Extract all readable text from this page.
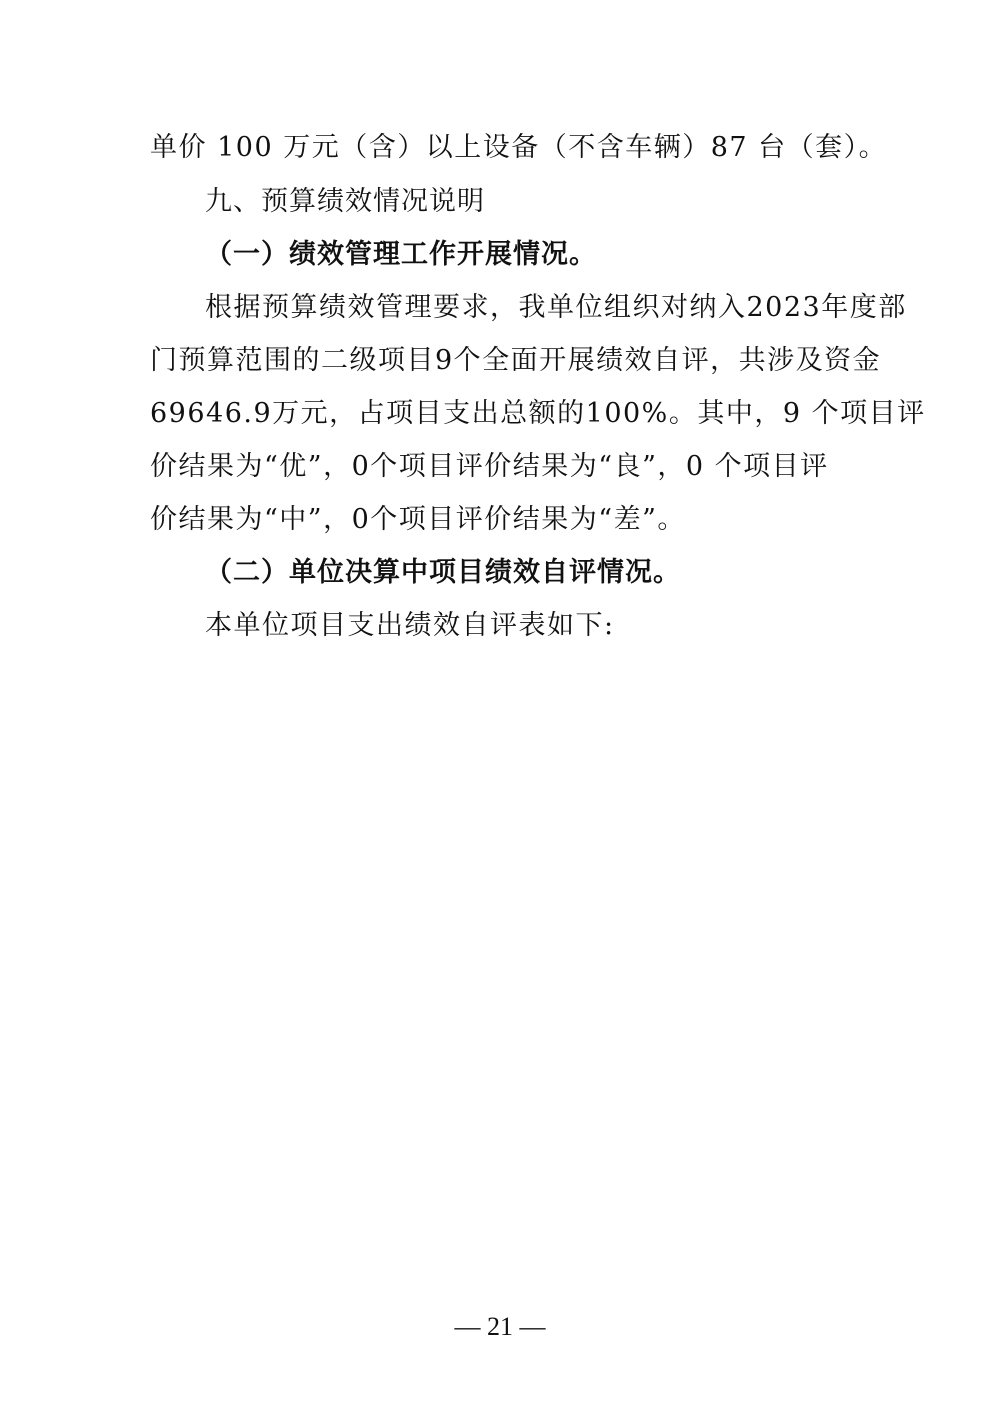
单价 100 万元（含）以上设备（不含车辆）87 台（套）。
九、预算绩效情况说明
（一）绩效管理工作开展情况。
根据预算绩效管理要求，我单位组织对纳入2023年度部
门预算范围的二级项目9个全面开展绩效自评，共涉及资金
69646.9万元，占项目支出总额的100%。其中，9 个项目评
价结果为“优”，0个项目评价结果为“良”，0 个项目评
价结果为“中”，0个项目评价结果为“差”。
（二）单位决算中项目绩效自评情况。
本单位项目支出绩效自评表如下:
— 21 —
